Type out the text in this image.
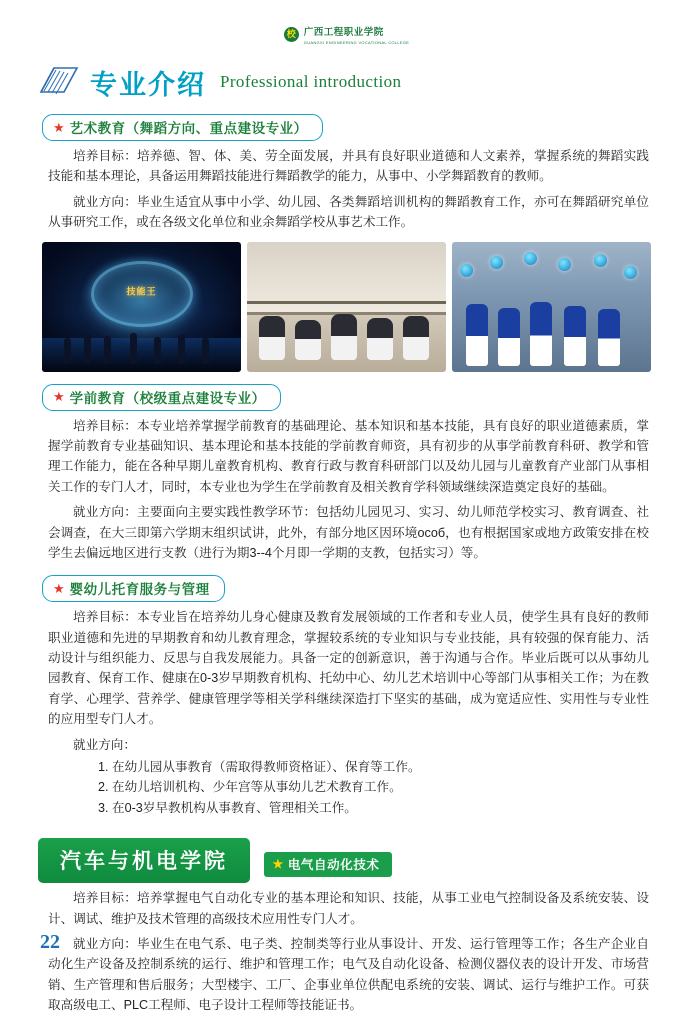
校 广西工程职业学院
GUANGXI ENGINEERING VOCATIONAL COLLEGE
专业介绍 Professional introduction
★ 艺术教育（舞蹈方向、重点建设专业）
培养目标：培养德、智、体、美、劳全面发展，并具有良好职业道德和人文素养，掌握系统的舞蹈实践技能和基本理论，具备运用舞蹈技能进行舞蹈教学的能力，从事中、小学舞蹈教育的教师。
就业方向：毕业生适宜从事中小学、幼儿园、各类舞蹈培训机构的舞蹈教育工作，亦可在舞蹈研究单位从事研究工作，或在各级文化单位和业余舞蹈学校从事艺术工作。
技能王
★ 学前教育（校级重点建设专业）
培养目标：本专业培养掌握学前教育的基础理论、基本知识和基本技能，具有良好的职业道德素质，掌握学前教育专业基础知识、基本理论和基本技能的学前教育师资，具有初步的从事学前教育科研、教学和管理工作能力，能在各种早期儿童教育机构、教育行政与教育科研部门以及幼儿园与儿童教育产业部门从事相关工作的专门人才，同时，本专业也为学生在学前教育及相关教育学科领域继续深造奠定良好的基础。
就业方向：主要面向主要实践性教学环节：包括幼儿园见习、实习、幼儿师范学校实习、教育调查、社会调查，在大三即第六学期末组织试讲，此外，有部分地区因环境особ，也有根据国家或地方政策安排在校学生去偏远地区进行支教（进行为期3--4个月即一学期的支教，包括实习）等。
★ 婴幼儿托育服务与管理
培养目标：本专业旨在培养幼儿身心健康及教育发展领域的工作者和专业人员，使学生具有良好的教师职业道德和先进的早期教育和幼儿教育理念，掌握较系统的专业知识与专业技能，具有较强的保育能力、活动设计与组织能力、反思与自我发展能力。具备一定的创新意识，善于沟通与合作。毕业后既可以从事幼儿园教育、保育工作、健康在0-3岁早期教育机构、托幼中心、幼儿艺术培训中心等部门从事相关工作；为在教育学、心理学、营养学、健康管理学等相关学科继续深造打下坚实的基础，成为宽适应性、实用性与专业性的应用型专门人才。
就业方向：
1. 在幼儿园从事教育（需取得教师资格证）、保育等工作。
2. 在幼儿培训机构、少年宫等从事幼儿艺术教育工作。
3. 在0-3岁早教机构从事教育、管理相关工作。
汽车与机电学院	★ 电气自动化技术
培养目标：培养掌握电气自动化专业的基本理论和知识、技能，从事工业电气控制设备及系统安装、设计、调试、维护及技术管理的高级技术应用性专门人才。
就业方向：毕业生在电气系、电子类、控制类等行业从事设计、开发、运行管理等工作；各生产企业自动化生产设备及控制系统的运行、维护和管理工作；电气及自动化设备、检测仪器仪表的设计开发、市场营销、生产管理和售后服务；大型楼宇、工厂、企事业单位供配电系统的安装、调试、运行与维护工作。可获取高级电工、PLC工程师、电子设计工程师等技能证书。
22
